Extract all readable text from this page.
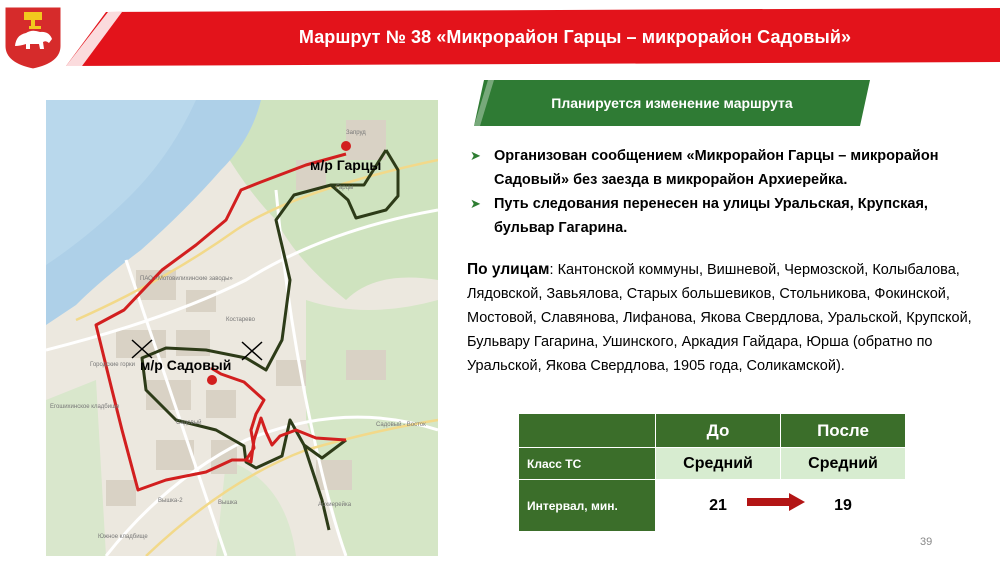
Маршрут № 38 «Микрорайон Гарцы – микрорайон Садовый»
м/р Гарцы
м/р Садовый
Запруд
Гарцы
ПАО «Мотовилихинские заводы»
Костарево
Городские горки
Егошихинское кладбище
Садовый	Садовый - Восток
Архиерейка
Южное кладбище
Вышка-2	Вышка
Планируется изменение маршрута
➤ Организован сообщением «Микрорайон Гарцы – микрорайон Садовый» без заезда в микрорайон Архиерейка.
➤ Путь следования перенесен на улицы Уральская, Крупская, бульвар Гагарина.
По улицам: Кантонской коммуны, Вишневой, Чермозской, Колыбалова, Лядовской, Завьялова, Старых большевиков, Стольникова, Фокинской, Мостовой, Славянова, Лифанова, Якова Свердлова, Уральской, Крупской, Бульвару Гагарина, Ушинского, Аркадия Гайдара, Юрша (обратно по Уральской, Якова Свердлова, 1905 года, Соликамской).
	До	После
Класс ТС	Средний	Средний
Интервал, мин.	21	19
39
